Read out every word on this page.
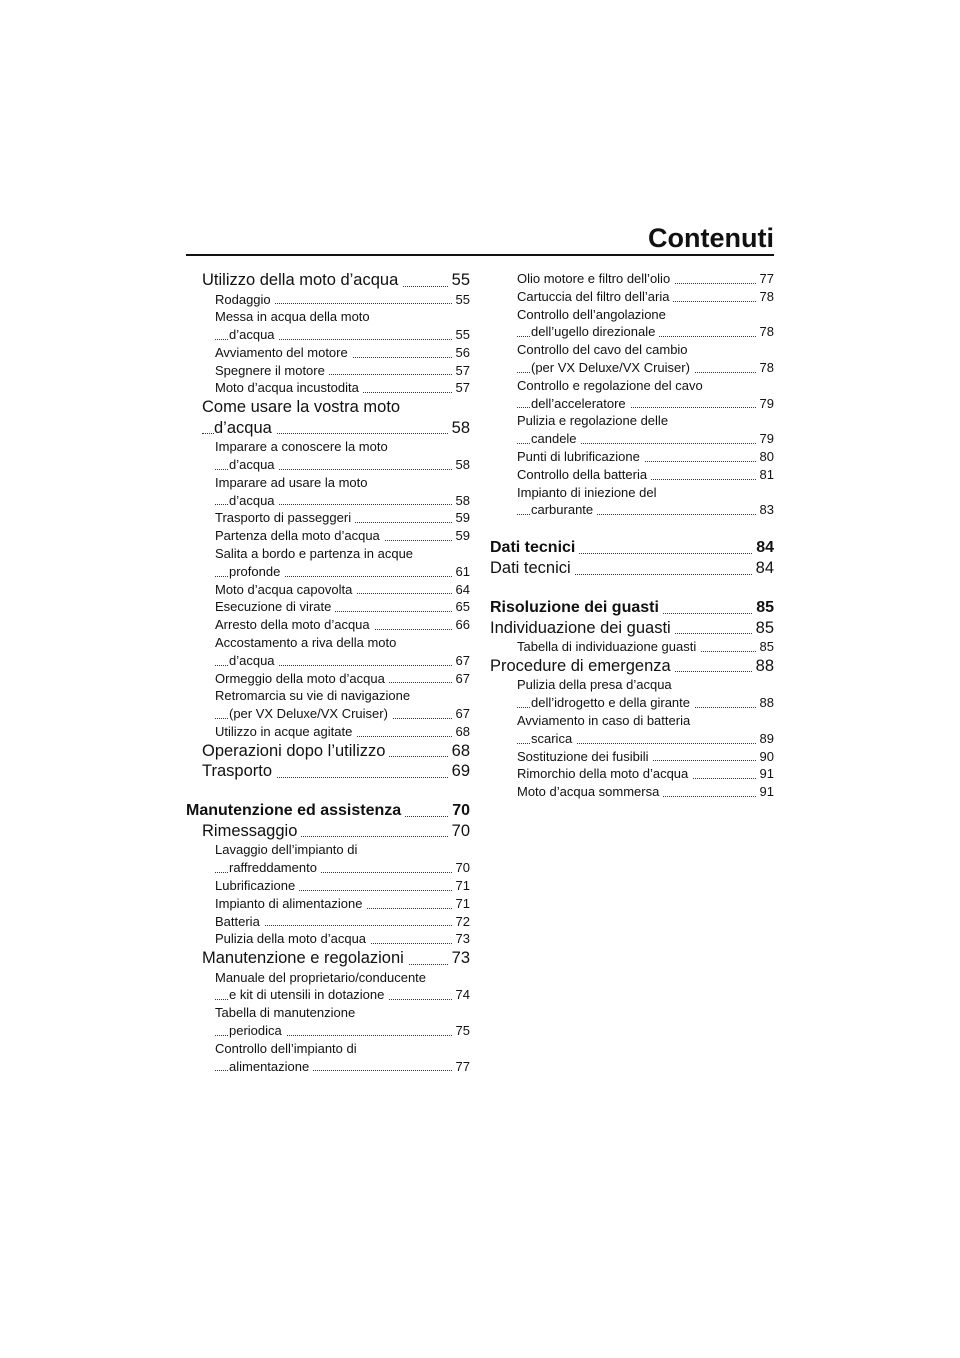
Contenuti
Utilizzo della moto d’acqua	55
Rodaggio	55
Messa in acqua della moto
d’acqua	55
Avviamento del motore	56
Spegnere il motore	57
Moto d’acqua incustodita	57
Come usare la vostra moto
d’acqua	58
Imparare a conoscere la moto
d’acqua	58
Imparare ad usare la moto
d’acqua	58
Trasporto di passeggeri	59
Partenza della moto d’acqua	59
Salita a bordo e partenza in acque
profonde	61
Moto d’acqua capovolta	64
Esecuzione di virate	65
Arresto della moto d’acqua	66
Accostamento a riva della moto
d’acqua	67
Ormeggio della moto d’acqua	67
Retromarcia su vie di navigazione
(per VX Deluxe/VX Cruiser)	67
Utilizzo in acque agitate	68
Operazioni dopo l’utilizzo	68
Trasporto	69
Manutenzione ed assistenza	70
Rimessaggio	70
Lavaggio dell’impianto di
raffreddamento	70
Lubrificazione	71
Impianto di alimentazione	71
Batteria	72
Pulizia della moto d’acqua	73
Manutenzione e regolazioni	73
Manuale del proprietario/conducente
e kit di utensili in dotazione	74
Tabella di manutenzione
periodica	75
Controllo dell’impianto di
alimentazione	77
Olio motore e filtro dell’olio	77
Cartuccia del filtro dell’aria	78
Controllo dell’angolazione
dell’ugello direzionale	78
Controllo del cavo del cambio
(per VX Deluxe/VX Cruiser)	78
Controllo e regolazione del cavo
dell’acceleratore	79
Pulizia e regolazione delle
candele	79
Punti di lubrificazione	80
Controllo della batteria	81
Impianto di iniezione del
carburante	83
Dati tecnici	84
Dati tecnici	84
Risoluzione dei guasti	85
Individuazione dei guasti	85
Tabella di individuazione guasti	85
Procedure di emergenza	88
Pulizia della presa d’acqua
dell’idrogetto e della girante	88
Avviamento in caso di batteria
scarica	89
Sostituzione dei fusibili	90
Rimorchio della moto d’acqua	91
Moto d’acqua sommersa	91
